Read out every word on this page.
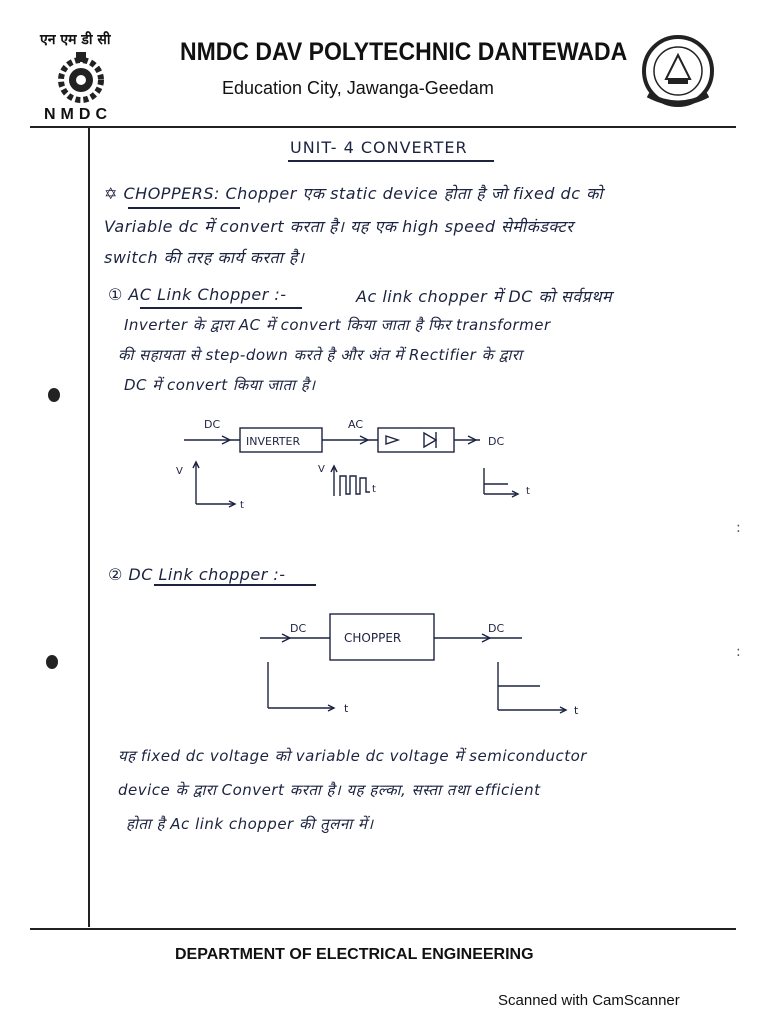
एन एम डी सी
NMDC
NMDC DAV POLYTECHNIC DANTEWADA
Education City, Jawanga-Geedam
UNIT- 4 CONVERTER
✡ CHOPPERS: Chopper एक static device होता है जो fixed dc को
Variable dc में convert करता है। यह एक high speed सेमीकंडक्टर
switch की तरह कार्य करता है।
① AC Link Chopper :-	Ac link chopper में DC को सर्वप्रथम
Inverter के द्वारा AC में convert किया जाता है फिर transformer
की सहायता से step-down करते है और अंत में Rectifier के द्वारा
DC में convert किया जाता है।
DC
INVERTER
AC
DC
V
t
V
t	t
② DC Link chopper :-
DC
CHOPPER
DC
t	t
यह fixed dc voltage को variable dc voltage में semiconductor
device के द्वारा Convert करता है। यह हल्का, सस्ता तथा efficient
होता है Ac link chopper की तुलना में।
:
:
DEPARTMENT OF ELECTRICAL ENGINEERING
Scanned with CamScanner
